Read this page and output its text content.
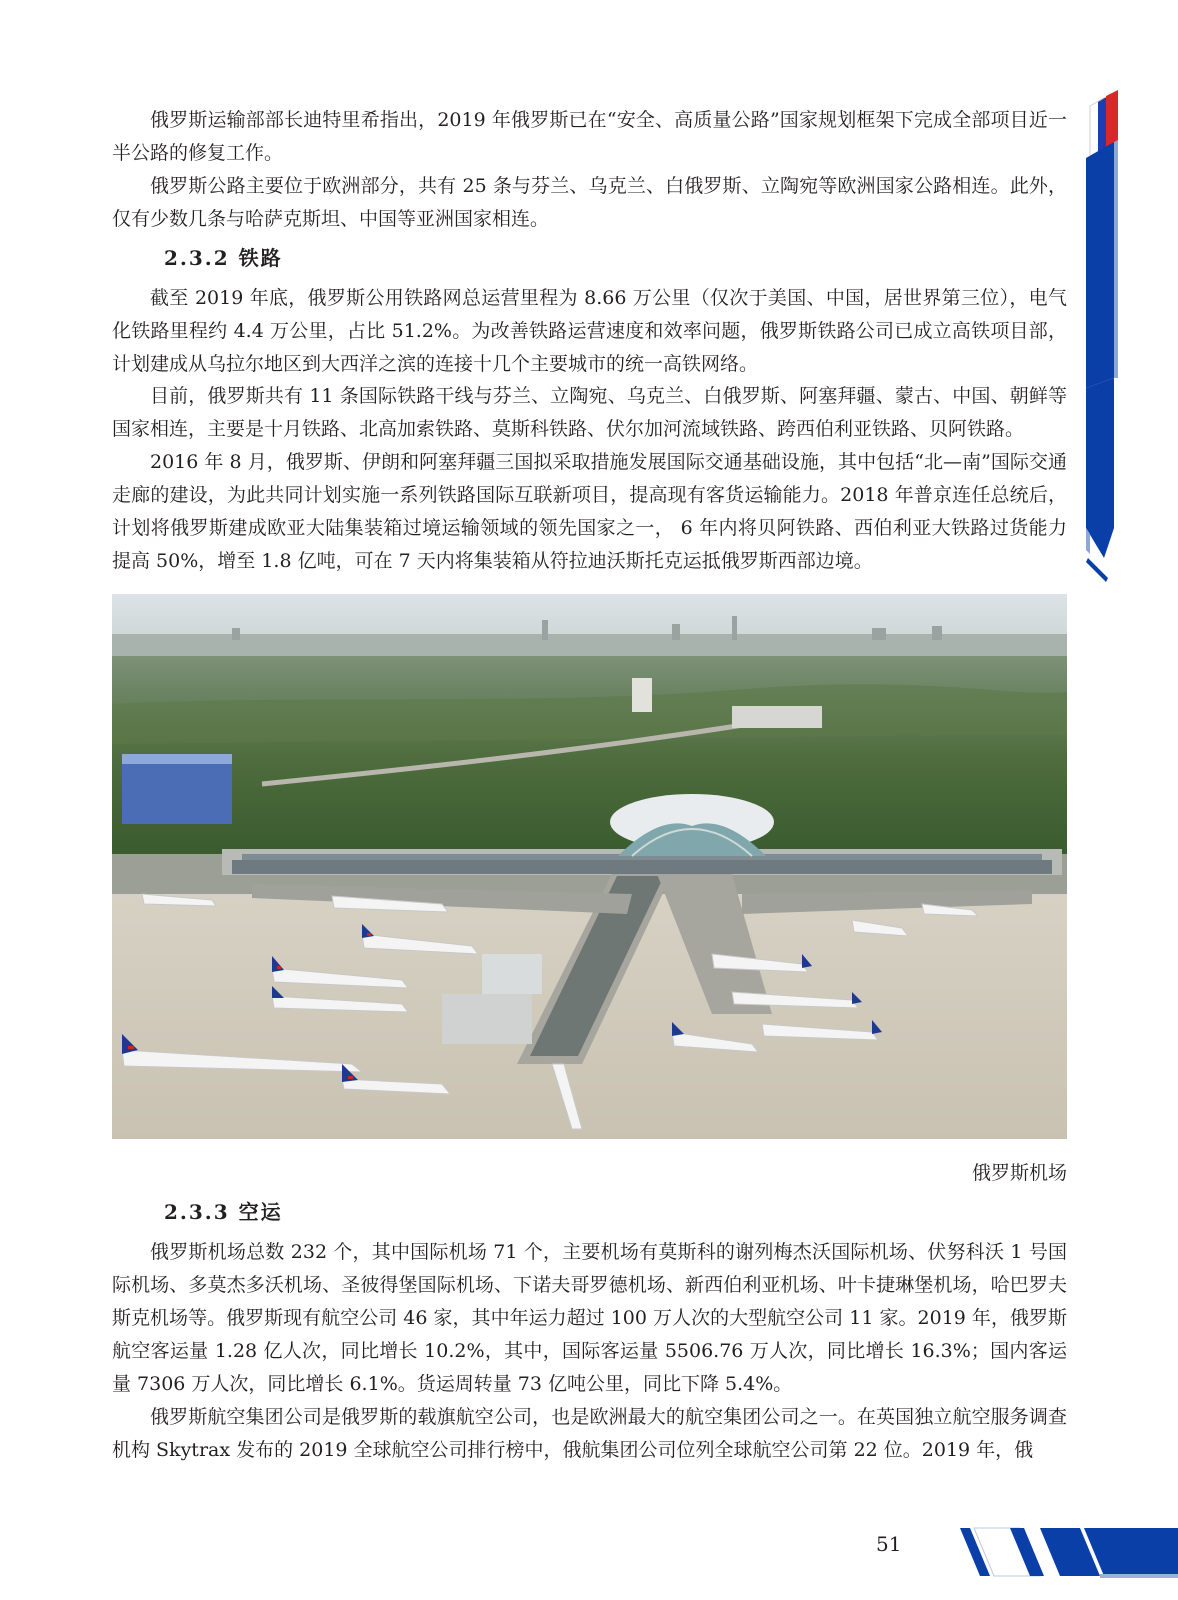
俄罗斯运输部部长迪特里希指出，2019 年俄罗斯已在“安全、高质量公路”国家规划框架下完成全部项目近一半公路的修复工作。

俄罗斯公路主要位于欧洲部分，共有 25 条与芬兰、乌克兰、白俄罗斯、立陶宛等欧洲国家公路相连。此外，仅有少数几条与哈萨克斯坦、中国等亚洲国家相连。

2.3.2 铁路

截至 2019 年底，俄罗斯公用铁路网总运营里程为 8.66 万公里（仅次于美国、中国，居世界第三位），电气化铁路里程约 4.4 万公里，占比 51.2%。为改善铁路运营速度和效率问题，俄罗斯铁路公司已成立高铁项目部，计划建成从乌拉尔地区到大西洋之滨的连接十几个主要城市的统一高铁网络。

目前，俄罗斯共有 11 条国际铁路干线与芬兰、立陶宛、乌克兰、白俄罗斯、阿塞拜疆、蒙古、中国、朝鲜等国家相连，主要是十月铁路、北高加索铁路、莫斯科铁路、伏尔加河流域铁路、跨西伯利亚铁路、贝阿铁路。

2016 年 8 月，俄罗斯、伊朗和阿塞拜疆三国拟采取措施发展国际交通基础设施，其中包括“北—南”国际交通走廊的建设，为此共同计划实施一系列铁路国际互联新项目，提高现有客货运输能力。2018 年普京连任总统后，计划将俄罗斯建成欧亚大陆集装箱过境运输领域的领先国家之一， 6 年内将贝阿铁路、西伯利亚大铁路过货能力提高 50%，增至 1.8 亿吨，可在 7 天内将集装箱从符拉迪沃斯托克运抵俄罗斯西部边境。

俄罗斯机场

2.3.3 空运

俄罗斯机场总数 232 个，其中国际机场 71 个，主要机场有莫斯科的谢列梅杰沃国际机场、伏努科沃 1 号国际机场、多莫杰多沃机场、圣彼得堡国际机场、下诺夫哥罗德机场、新西伯利亚机场、叶卡捷琳堡机场，哈巴罗夫斯克机场等。俄罗斯现有航空公司 46 家，其中年运力超过 100 万人次的大型航空公司 11 家。2019 年，俄罗斯航空客运量 1.28 亿人次，同比增长 10.2%，其中，国际客运量 5506.76 万人次，同比增长 16.3%；国内客运量 7306 万人次，同比增长 6.1%。货运周转量 73 亿吨公里，同比下降 5.4%。

俄罗斯航空集团公司是俄罗斯的载旗航空公司，也是欧洲最大的航空集团公司之一。在英国独立航空服务调查机构 Skytrax 发布的 2019 全球航空公司排行榜中，俄航集团公司位列全球航空公司第 22 位。2019 年，俄

51
